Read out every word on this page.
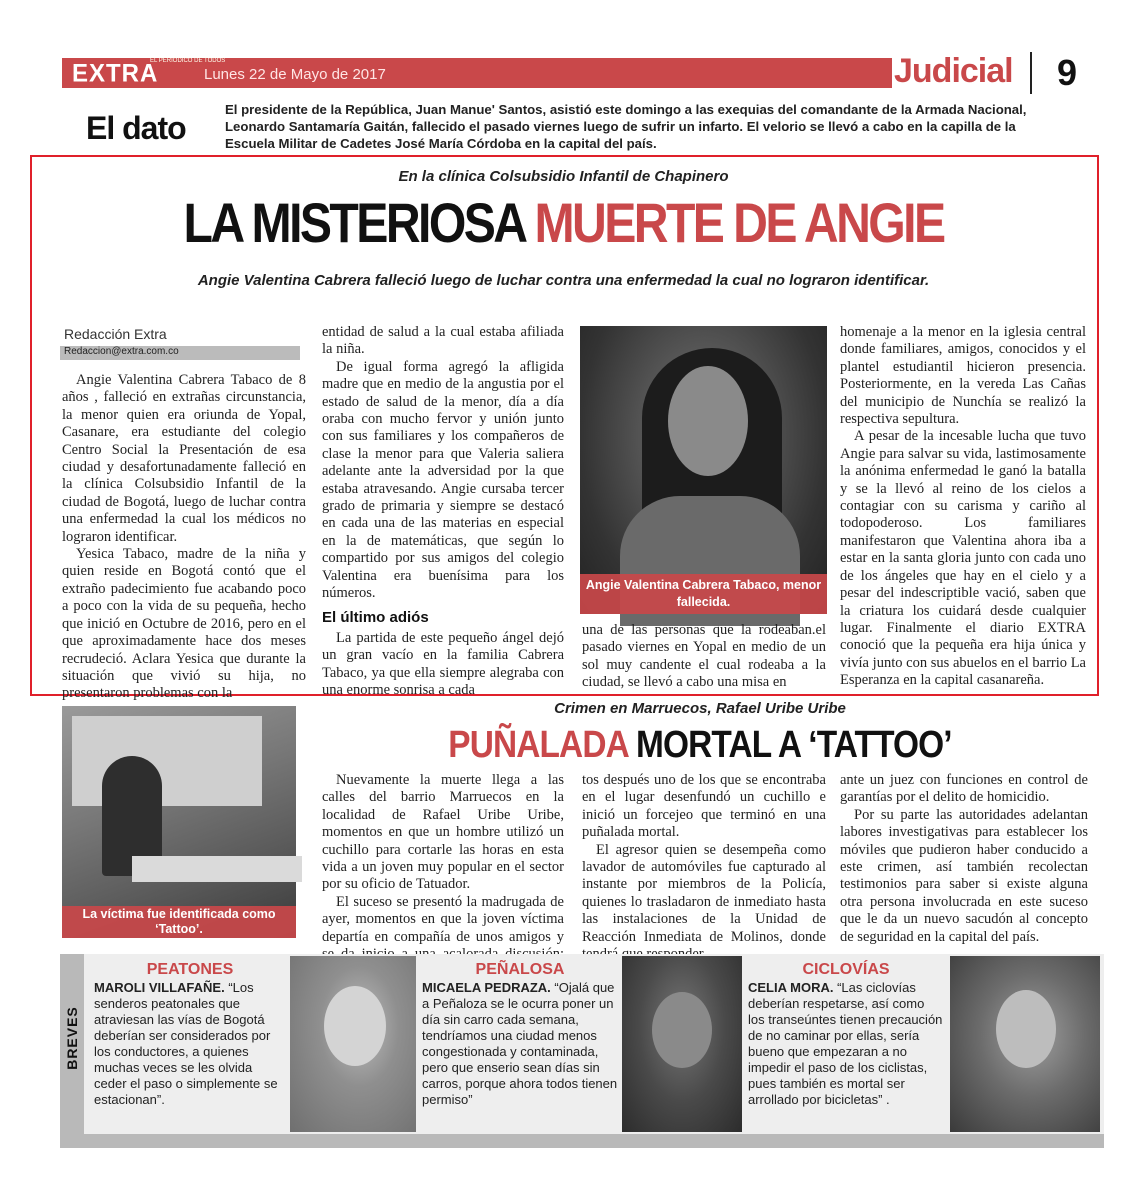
EXTRA
EL PERIÓDICO DE TODOS
Lunes 22 de Mayo de 2017	Judicial	9
El dato
El presidente de la República, Juan Manue' Santos, asistió este domingo a las exequias del comandante de la Armada Nacional, Leonardo Santamaría Gaitán, fallecido el pasado viernes luego de sufrir un infarto. El velorio se llevó a cabo en la capilla de la Escuela Militar de Cadetes José María Córdoba en la capital del país.
En la clínica Colsubsidio Infantil de Chapinero
LA MISTERIOSA MUERTE DE ANGIE
Angie Valentina Cabrera falleció luego de luchar contra una enfermedad la cual no lograron identificar.
Redacción Extra
Redaccion@extra.com.co

Angie Valentina Cabrera Tabaco de 8 años , falleció en extrañas circunstancia, la menor quien era oriunda de Yopal, Casanare, era estudiante del colegio Centro Social la Presentación de esa ciudad y desafortunadamente falleció en la clínica Colsubsidio Infantil de la ciudad de Bogotá, luego de luchar contra una enfermedad la cual los médicos no lograron identificar.

Yesica Tabaco, madre de la niña y quien reside en Bogotá contó que el extraño padecimiento fue acabando poco a poco con la vida de su pequeña, hecho que inició en Octubre de 2016, pero en el que aproximadamente hace dos meses recrudeció. Aclara Yesica que durante la situación que vivió su hija, no presentaron problemas con la

entidad de salud a la cual estaba afiliada la niña.

De igual forma agregó la afligida madre que en medio de la angustia por el estado de salud de la menor, día a día oraba con mucho fervor y unión junto con sus familiares y los compañeros de clase la menor para que Valeria saliera adelante ante la adversidad por la que estaba atravesando. Angie cursaba tercer grado de primaria y siempre se destacó en cada una de las materias en especial en la de matemáticas, que según lo compartido por sus amigos del colegio Valentina era buenísima para los números.

El último adiós

La partida de este pequeño ángel dejó un gran vacío en la familia Cabrera Tabaco, ya que ella siempre alegraba con una enorme sonrisa a cada

Angie Valentina Cabrera Tabaco, menor fallecida.

una de las personas que la rodeaban.el pasado viernes en Yopal en medio de un sol muy candente el cual rodeaba a la ciudad, se llevó a cabo una misa en

homenaje a la menor en la iglesia central donde familiares, amigos, conocidos y el plantel estudiantil hicieron presencia. Posteriormente, en la vereda Las Cañas del municipio de Nunchía se realizó la respectiva sepultura.

A pesar de la incesable lucha que tuvo Angie para salvar su vida, lastimosamente la anónima enfermedad le ganó la batalla y se la llevó al reino de los cielos a contagiar con su carisma y cariño al todopoderoso. Los familiares manifestaron que Valentina ahora iba a estar en la santa gloria junto con cada uno de los ángeles que hay en el cielo y a pesar del indescriptible vació, saben que la criatura los cuidará desde cualquier lugar. Finalmente el diario EXTRA conoció que la pequeña era hija única y vivía junto con sus abuelos en el barrio La Esperanza en la capital casanareña.

La víctima fue identificada como ‘Tattoo’.
Crimen en Marruecos, Rafael Uribe Uribe
PUÑALADA MORTAL A ‘TATTOO’

Nuevamente la muerte llega a las calles del barrio Marruecos en la localidad de Rafael Uribe Uribe, momentos en que un hombre utilizó un cuchillo para cortarle las horas en esta vida a un joven muy popular en el sector por su oficio de Tatuador.

El suceso se presentó la madrugada de ayer, momentos en que la joven víctima departía en compañía de unos amigos y

tos después uno de los que se encontraba en el lugar desenfundó un cuchillo e inició un forcejeo que terminó en una puñalada mortal.

El agresor quien se desempeña como lavador de automóviles fue capturado al instante por miembros de la Policía, quienes lo trasladaron de inmediato hasta las instalaciones de la Unidad de Reacción Inmediata de Molinos, donde

ante un juez con funciones en control de garantías por el delito de homicidio.

Por su parte las autoridades adelantan labores investigativas para establecer los móviles que pudieron haber conducido a este crimen, así también recolectan testimonios para saber si existe alguna otra persona involucrada en este suceso que le da un nuevo sacudón al concepto de seguridad en la capital del país.

BREVES
PEATONES
MAROLI VILLAFAÑE. “Los senderos peatonales que atraviesan las vías de Bogotá deberían ser considerados por los conductores, a quienes muchas veces se les olvida ceder el paso o simplemente se estacionan”.
PEÑALOSA
MICAELA PEDRAZA. “Ojalá que a Peñaloza se le ocurra poner un día sin carro cada semana, tendríamos una ciudad menos congestionada y contaminada, pero que enserio sean días sin carros, porque ahora todos tienen permiso”
CICLOVÍAS
CELIA MORA. “Las ciclovías deberían respetarse, así como los transeúntes tienen precaución de no caminar por ellas, sería bueno que empezaran a no impedir el paso de los ciclistas, pues también es mortal ser arrollado por bicicletas” .
